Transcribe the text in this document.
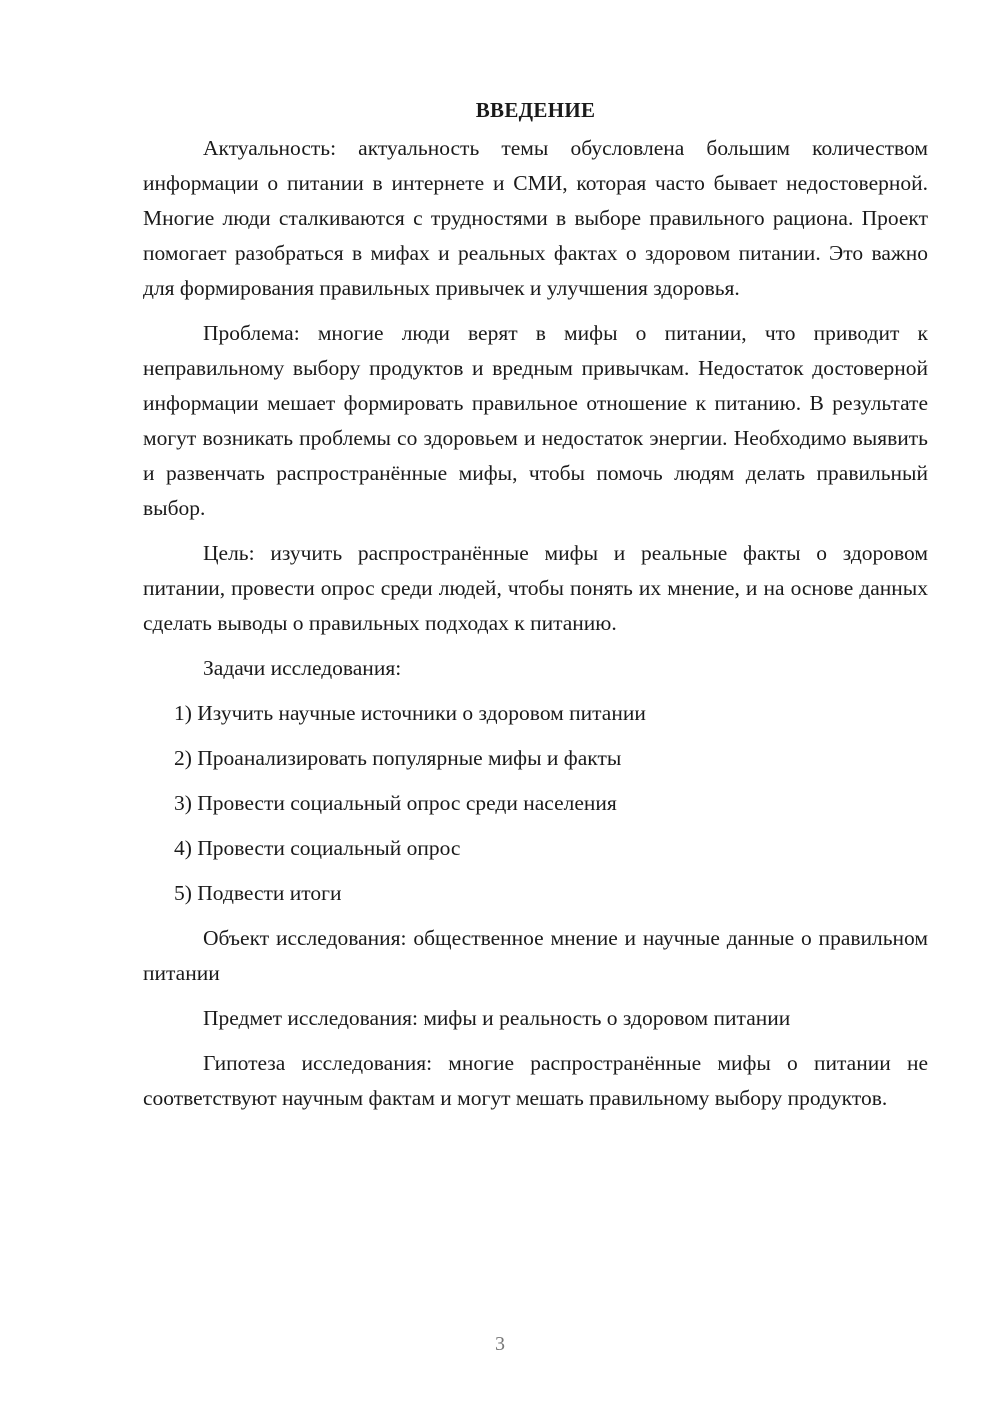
ВВЕДЕНИЕ

Актуальность: актуальность темы обусловлена большим количеством информации о питании в интернете и СМИ, которая часто бывает недостоверной. Многие люди сталкиваются с трудностями в выборе правильного рациона. Проект помогает разобраться в мифах и реальных фактах о здоровом питании. Это важно для формирования правильных привычек и улучшения здоровья.

Проблема: многие люди верят в мифы о питании, что приводит к неправильному выбору продуктов и вредным привычкам. Недостаток достоверной информации мешает формировать правильное отношение к питанию. В результате могут возникать проблемы со здоровьем и недостаток энергии. Необходимо выявить и развенчать распространённые мифы, чтобы помочь людям делать правильный выбор.

Цель: изучить распространённые мифы и реальные факты о здоровом питании, провести опрос среди людей, чтобы понять их мнение, и на основе данных сделать выводы о правильных подходах к питанию.

Задачи исследования:

1) Изучить научные источники о здоровом питании

2) Проанализировать популярные мифы и факты

3) Провести социальный опрос среди населения

4) Провести социальный опрос

5) Подвести итоги

Объект исследования: общественное мнение и научные данные о правильном питании

Предмет исследования: мифы и реальность о здоровом питании

Гипотеза исследования: многие распространённые мифы о питании не соответствуют научным фактам и могут мешать правильному выбору продуктов.

3
